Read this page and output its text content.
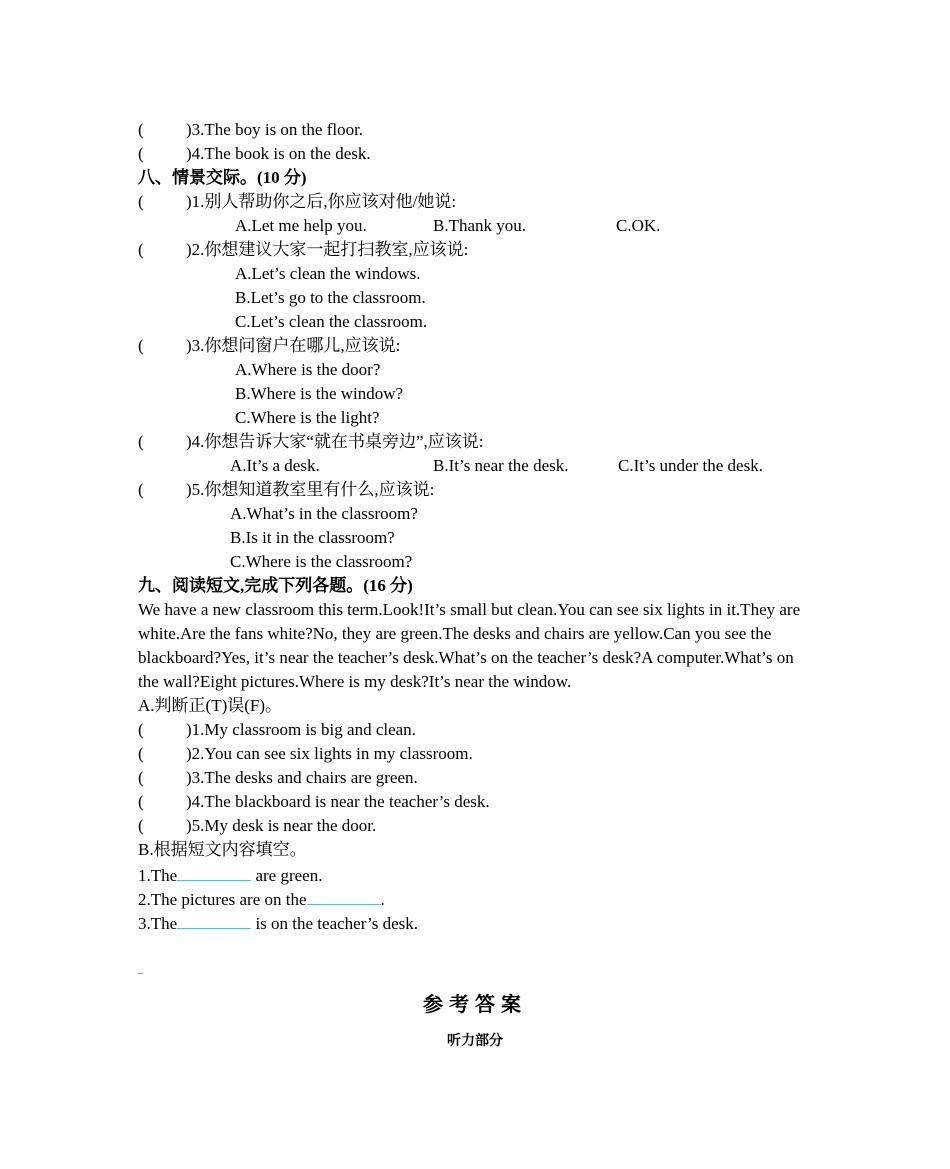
( )3.The boy is on the floor.
( )4.The book is on the desk.
八、情景交际。(10 分)
( )1.别人帮助你之后,你应该对他/她说:
A.Let me help you.	B.Thank you.	C.OK.
( )2.你想建议大家一起打扫教室,应该说:
A.Let’s clean the windows.
B.Let’s go to the classroom.
C.Let’s clean the classroom.
( )3.你想问窗户在哪儿,应该说:
A.Where is the door?
B.Where is the window?
C.Where is the light?
( )4.你想告诉大家“就在书桌旁边”,应该说:
A.It’s a desk.	B.It’s near the desk.	C.It’s under the desk.
( )5.你想知道教室里有什么,应该说:
A.What’s in the classroom?
B.Is it in the classroom?
C.Where is the classroom?
九、阅读短文,完成下列各题。(16 分)
We have a new classroom this term.Look!It’s small but clean.You can see six lights in it.They are white.Are the fans white?No, they are green.The desks and chairs are yellow.Can you see the blackboard?Yes, it’s near the teacher’s desk.What’s on the teacher’s desk?A computer.What’s on the wall?Eight pictures.Where is my desk?It’s near the window.
A.判断正(T)误(F)。
( )1.My classroom is big and clean.
( )2.You can see six lights in my classroom.
( )3.The desks and chairs are green.
( )4.The blackboard is near the teacher’s desk.
( )5.My desk is near the door.
B.根据短文内容填空。
1.The	are green.
2.The pictures are on the	.
3.The	is on the teacher’s desk.
参考答案
听力部分
